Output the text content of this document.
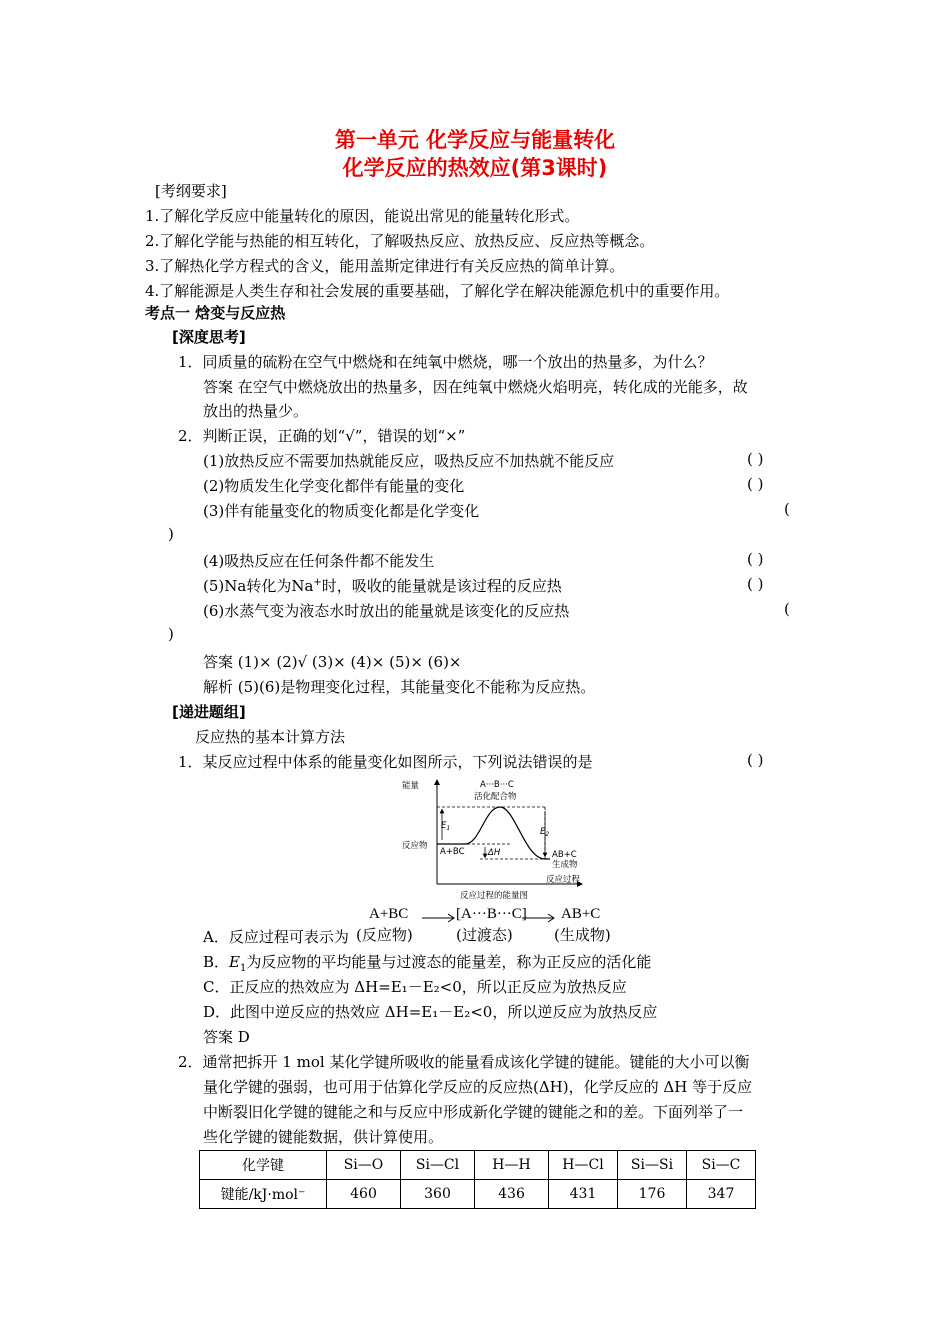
第一单元 化学反应与能量转化
化学反应的热效应(第3课时)
[考纲要求]
1.了解化学反应中能量转化的原因，能说出常见的能量转化形式。
2.了解化学能与热能的相互转化，了解吸热反应、放热反应、反应热等概念。
3.了解热化学方程式的含义，能用盖斯定律进行有关反应热的简单计算。
4.了解能源是人类生存和社会发展的重要基础，了解化学在解决能源危机中的重要作用。
考点一 焓变与反应热
[深度思考]
1．同质量的硫粉在空气中燃烧和在纯氧中燃烧，哪一个放出的热量多，为什么？
答案 在空气中燃烧放出的热量多，因在纯氧中燃烧火焰明亮，转化成的光能多，故
放出的热量少。
2．判断正误，正确的划“√”，错误的划“×”
(1)放热反应不需要加热就能反应，吸热反应不加热就不能反应	( )
(2)物质发生化学变化都伴有能量的变化	( )
(3)伴有能量变化的物质变化都是化学变化	(
)
(4)吸热反应在任何条件都不能发生	( )
(5)Na转化为Na+时，吸收的能量就是该过程的反应热	( )
(6)水蒸气变为液态水时放出的能量就是该变化的反应热	(
)
答案 (1)× (2)√ (3)× (4)× (5)× (6)×
解析 (5)(6)是物理变化过程，其能量变化不能称为反应热。
[递进题组]
反应热的基本计算方法
1．某反应过程中体系的能量变化如图所示，下列说法错误的是	( )
能量	A···B···C
活化配合物
$E_1$	$E_2$
反应物
A+BC	ΔH	AB+C
生成物
反应过程
反应过程的能量图
A+BC → [A···B···C] → AB+C
A．反应过程可表示为 (反应物)	(过渡态)	(生成物)
B．$E_1$为反应物的平均能量与过渡态的能量差，称为正反应的活化能
C．正反应的热效应为 ΔH=E₁－E₂<0，所以正反应为放热反应
D．此图中逆反应的热效应 ΔH=E₁－E₂<0，所以逆反应为放热反应
答案 D
2．通常把拆开 1 mol 某化学键所吸收的能量看成该化学键的键能。键能的大小可以衡
量化学键的强弱，也可用于估算化学反应的反应热(ΔH)，化学反应的 ΔH 等于反应
中断裂旧化学键的键能之和与反应中形成新化学键的键能之和的差。下面列举了一
些化学键的键能数据，供计算使用。
化学键	Si—O	Si—Cl	H—H	H—Cl	Si—Si	Si—C
键能/kJ·mol⁻	460	360	436	431	176	347
